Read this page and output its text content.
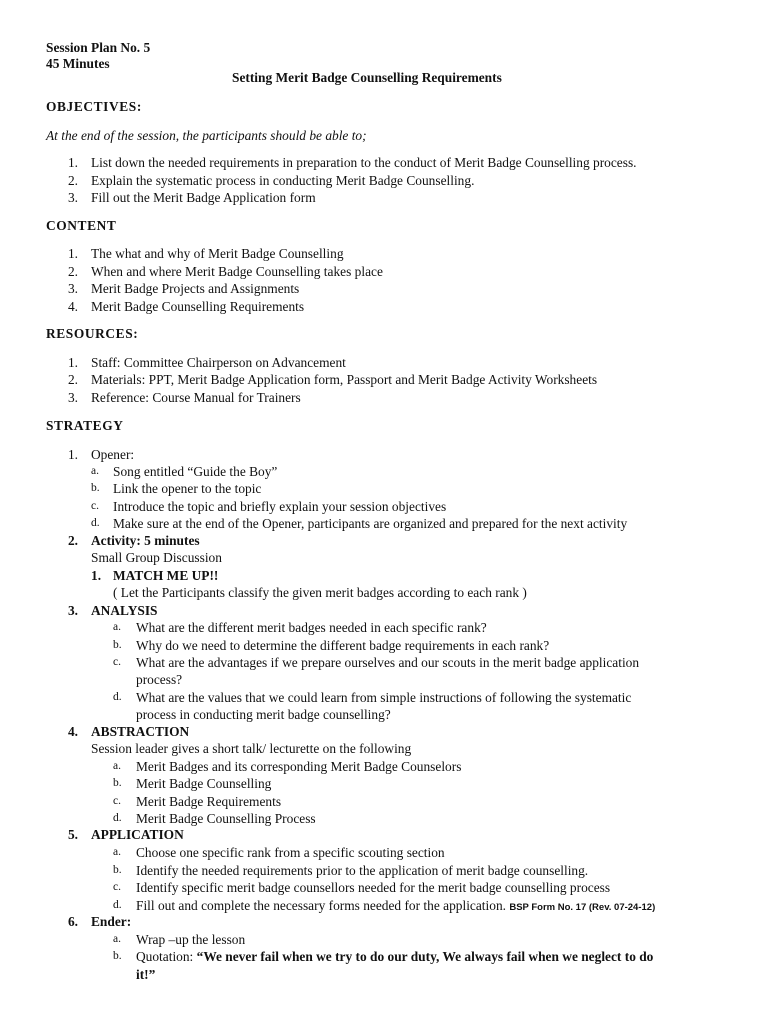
Session Plan No. 5
45 Minutes
Setting Merit Badge Counselling Requirements
OBJECTIVES:
At the end of the session, the participants should be able to;
1. List down the needed requirements in preparation to the conduct of Merit Badge Counselling process.
2. Explain the systematic process in conducting Merit Badge Counselling.
3. Fill out the Merit Badge Application form
CONTENT
1. The what and why of Merit Badge Counselling
2. When and where Merit Badge Counselling takes place
3. Merit Badge Projects and Assignments
4. Merit Badge Counselling Requirements
RESOURCES:
1. Staff: Committee Chairperson on Advancement
2. Materials: PPT, Merit Badge Application form, Passport and Merit Badge Activity Worksheets
3. Reference: Course Manual for Trainers
STRATEGY
1. Opener:
a. Song entitled “Guide the Boy”
b. Link the opener to the topic
c. Introduce the topic and briefly explain your session objectives
d. Make sure at the end of the Opener, participants are organized and prepared for the next activity
2. Activity: 5 minutes
Small Group Discussion
1. MATCH ME UP!!
( Let the Participants classify the given merit badges according to each rank )
3. ANALYSIS
a. What are the different merit badges needed in each specific rank?
b. Why do we need to determine the different badge requirements in each rank?
c. What are the advantages if we prepare ourselves and our scouts in the merit badge application
process?
d. What are the values that we could learn from simple instructions of following the systematic
process in conducting merit badge counselling?
4. ABSTRACTION
Session leader gives a short talk/ lecturette on the following
a. Merit Badges and its corresponding Merit Badge Counselors
b. Merit Badge Counselling
c. Merit Badge Requirements
d. Merit Badge Counselling Process
5. APPLICATION
a. Choose one specific rank from a specific scouting section
b. Identify the needed requirements prior to the application of merit badge counselling.
c. Identify specific merit badge counsellors needed for the merit badge counselling process
d. Fill out and complete the necessary forms needed for the application. BSP Form No. 17 (Rev. 07-24-12)
6. Ender:
a. Wrap –up the lesson
b. Quotation: “We never fail when we try to do our duty, We always fail when we neglect to do
it!”
